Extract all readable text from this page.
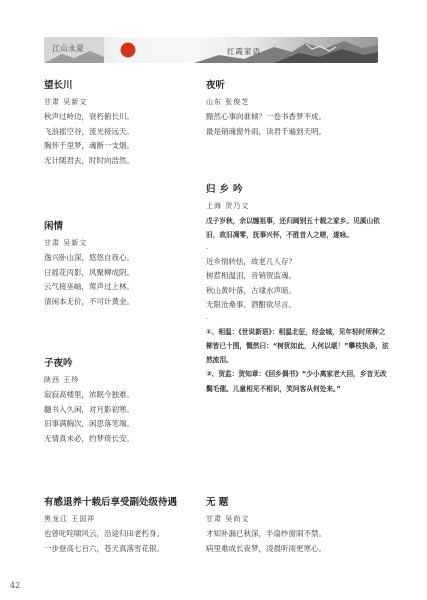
江山永夏	红霞家语
望长川
甘肃 吴新文
秋声过岭边，衰朽俯长川。
飞浪摇空谷，流光接远天。
胸怀千里梦，魂断一支烟。
无计随君去，时时向浩然。
闲情
甘肃 吴新文
逸兴卧山深，悠悠自我心。
日摇花丙影，风聚柳成阴。
云气接巫岫，莺声过上林。
清闲本无价，不可计黄金。
子夜吟
陕西 王珍
寂寂高楼里，浓眠今独难。
翻书入久闲，对月影初寒。
旧事满胸次，闲思落笔端。
无情真未必，约梦倚长安。
有感退养十载后享受副处级待遇
黑龙江 王国祥
也曾叱咤啸风云，沿途归田老朽身。
一步登高七百六，苍天真落雪花银。
夜听
山东 张俊芝
黯然心事向谁倾？一卷书香梦不成。
最是销魂窗外雨，读君千遍到天明。
归乡吟
上海 贺乃文
戊子岁秋，余以缠祖事，还归阔别五十载之家乡。见溪山依旧，故旧凋零，抚事兴怀，不胜昔人之嗟，遂咏。
-
近乡情转怯，故老几人存？
树惹相温泪，音销贺监魂。
秋山黄叶落，古埭水声暗。
无限沧桑事，酒酣欲尽言。
-
①、相温：《世说新语》：相温北征，经金城，见年轻时所种之柳皆已十围，慨然曰：“树犹如此，人何以堪！”攀枝执条，泫然流泪。
②、贺监：贺知章：《回乡偶书》“少小离家老大回，乡音无改鬓毛催。儿童相见不相识，笑问客从何处来。”
无 题
甘肃 吴尚文
才知补漏已秋深，半扇纱窗闹不禁。
病里难成长夜梦，凌晨听雨更寒心。
42
